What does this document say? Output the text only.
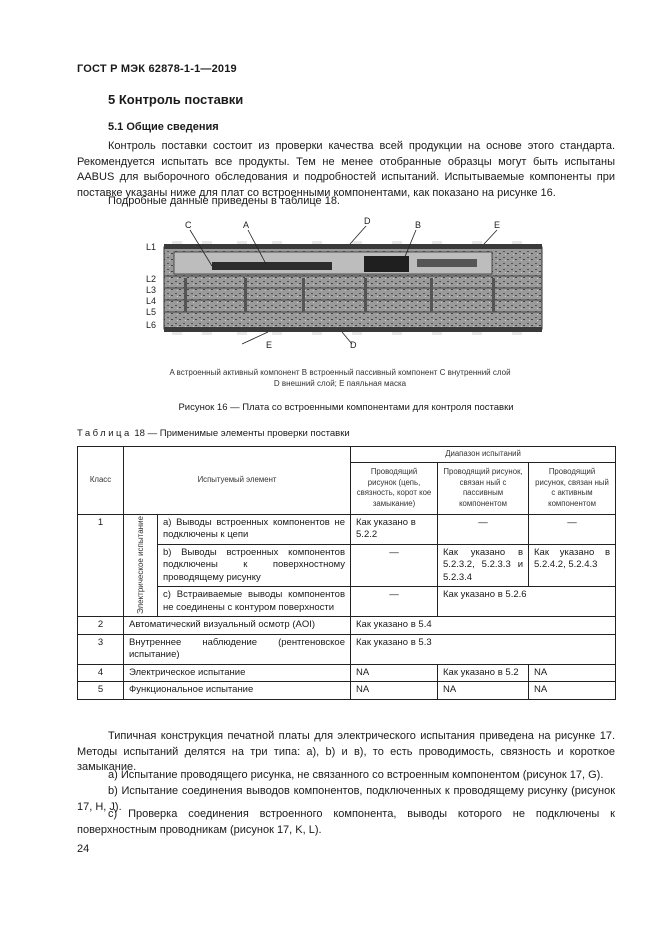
ГОСТ Р МЭК 62878-1-1—2019
5 Контроль поставки
5.1 Общие сведения
Контроль поставки состоит из проверки качества всей продукции на основе этого стандарта. Рекомендуется испытать все продукты. Тем не менее отобранные образцы могут быть испытаны AABUS для выборочного обследования и подробностей испытаний. Испытываемые компоненты при поставке указаны ниже для плат со встроенными компонентами, как показано на рисунке 16.
Подробные данные приведены в таблице 18.
L1
L2
L3
L4
L5
L6
C	A	D	B	E
E	D
A встроенный активный компонент B встроенный пассивный компонент C внутренний слой
D внешний слой; E паяльная маска
Рисунок 16 — Плата со встроенными компонентами для контроля поставки
Таблица 18 — Применимые элементы проверки поставки
Класс	Испытуемый элемент		Диапазон испытаний		
			Проводящий рисунок (цепь, связность, корот кое замыкание)	Проводящий рисунок, связан ный с пассивным компонентом	Проводящий рисунок, связан ный с активным компонентом
1	Электрическое испытание	а) Выводы встроенных компонентов не подключены к цепи	Как указано в 5.2.2	—	—
		b) Выводы встроенных компонентов подключены к поверхностному проводящему рисунку	—	Как указано в 5.2.3.2, 5.2.3.3 и 5.2.3.4	Как указано в 5.2.4.2, 5.2.4.3
		c) Встраиваемые выводы компонентов не соединены с контуром поверхности	—	Как указано в 5.2.6	
2	Автоматический визуальный осмотр (AOI)		Как указано в 5.4		
3	Внутреннее наблюдение (рентгеновское испытание)		Как указано в 5.3		
4	Электрическое испытание		NA	Как указано в 5.2	NA
5	Функциональное испытание		NA	NA	NA
Типичная конструкция печатной платы для электрического испытания приведена на рисунке 17. Методы испытаний делятся на три типа: а), b) и в), то есть проводимость, связность и короткое замыкание.
а) Испытание проводящего рисунка, не связанного со встроенным компонентом (рисунок 17, G).
b) Испытание соединения выводов компонентов, подключенных к проводящему рисунку (рисунок 17, H, J).
с) Проверка соединения встроенного компонента, выводы которого не подключены к поверхностным проводникам (рисунок 17, K, L).
24
